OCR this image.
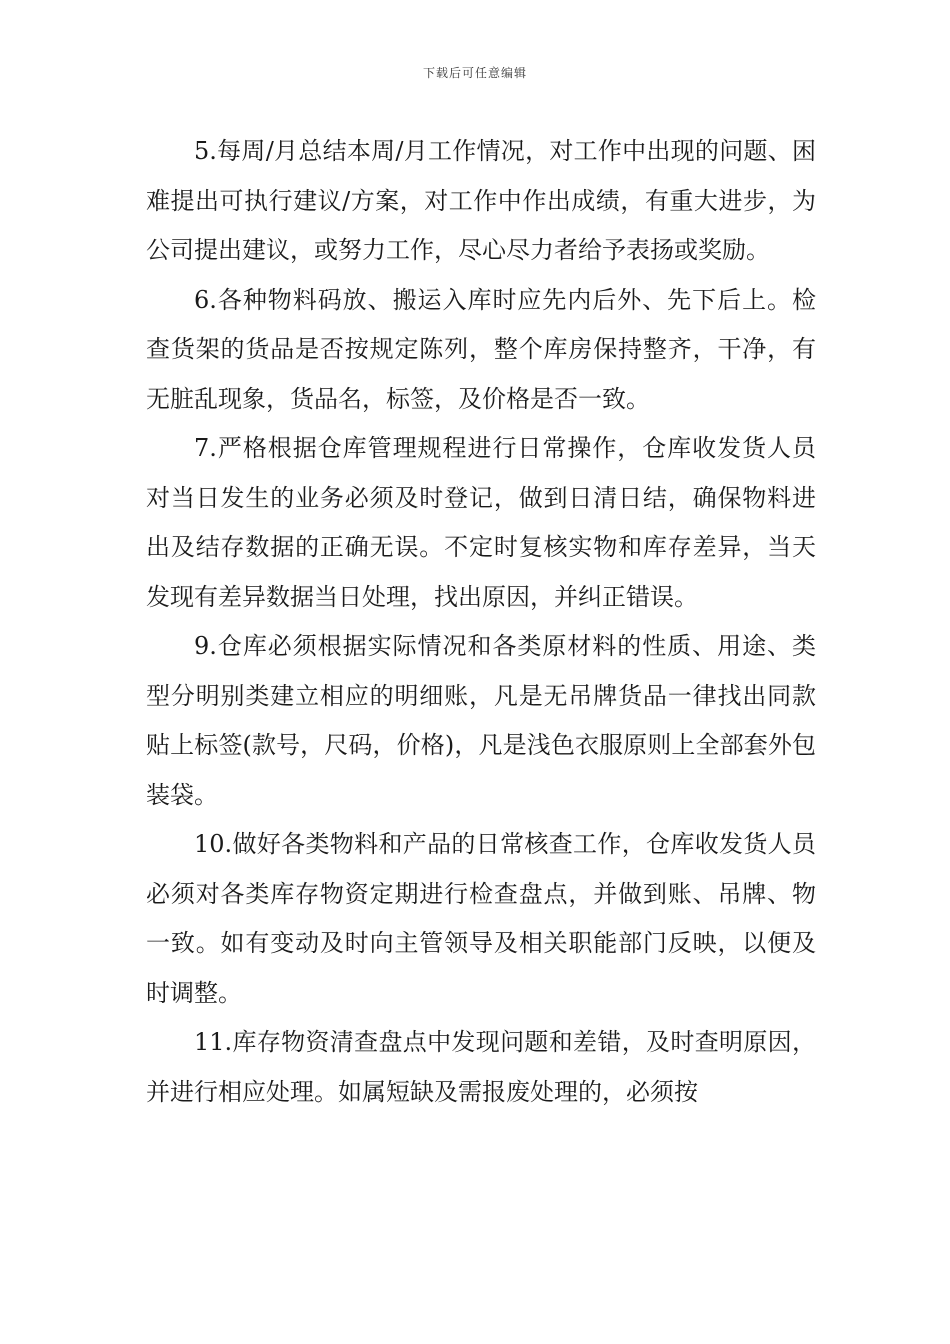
下载后可任意编辑

5.每周/月总结本周/月工作情况，对工作中出现的问题、困难提出可执行建议/方案，对工作中作出成绩，有重大进步，为公司提出建议，或努力工作，尽心尽力者给予表扬或奖励。

6.各种物料码放、搬运入库时应先内后外、先下后上。检查货架的货品是否按规定陈列，整个库房保持整齐，干净，有无脏乱现象，货品名，标签，及价格是否一致。

7.严格根据仓库管理规程进行日常操作，仓库收发货人员对当日发生的业务必须及时登记，做到日清日结，确保物料进出及结存数据的正确无误。不定时复核实物和库存差异，当天发现有差异数据当日处理，找出原因，并纠正错误。

9.仓库必须根据实际情况和各类原材料的性质、用途、类型分明别类建立相应的明细账，凡是无吊牌货品一律找出同款贴上标签(款号，尺码，价格)，凡是浅色衣服原则上全部套外包装袋。

10.做好各类物料和产品的日常核查工作，仓库收发货人员必须对各类库存物资定期进行检查盘点，并做到账、吊牌、物一致。如有变动及时向主管领导及相关职能部门反映，以便及时调整。

11.库存物资清查盘点中发现问题和差错，及时查明原因，并进行相应处理。如属短缺及需报废处理的，必须按
